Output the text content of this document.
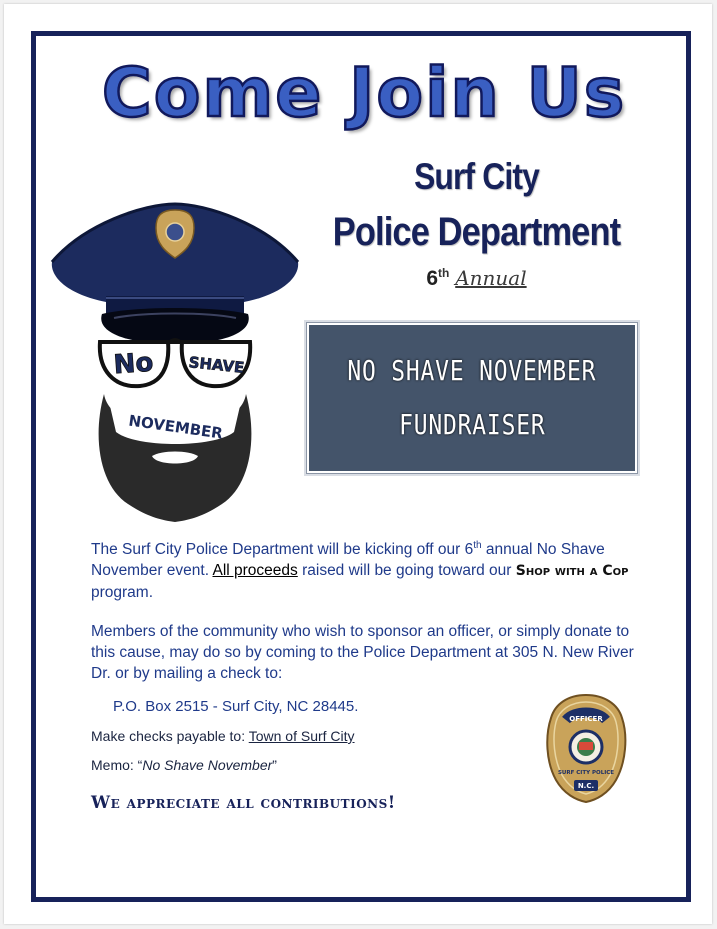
Come Join Us
Surf City
Police Department
6th Annual
NO SHAVE NOVEMBER
FUNDRAISER
No SHAVE
NOVEMBER

The Surf City Police Department will be kicking off our 6th annual No Shave November event. All proceeds raised will be going toward our Shop with a Cop program.

Members of the community who wish to sponsor an officer, or simply donate to this cause, may do so by coming to the Police Department at 305 N. New River Dr. or by mailing a check to:

P.O. Box 2515 - Surf City, NC 28445.
Make checks payable to: Town of Surf City
Memo: “No Shave November”
We appreciate all contributions!
OFFICER
SURF CITY POLICE
N.C.
